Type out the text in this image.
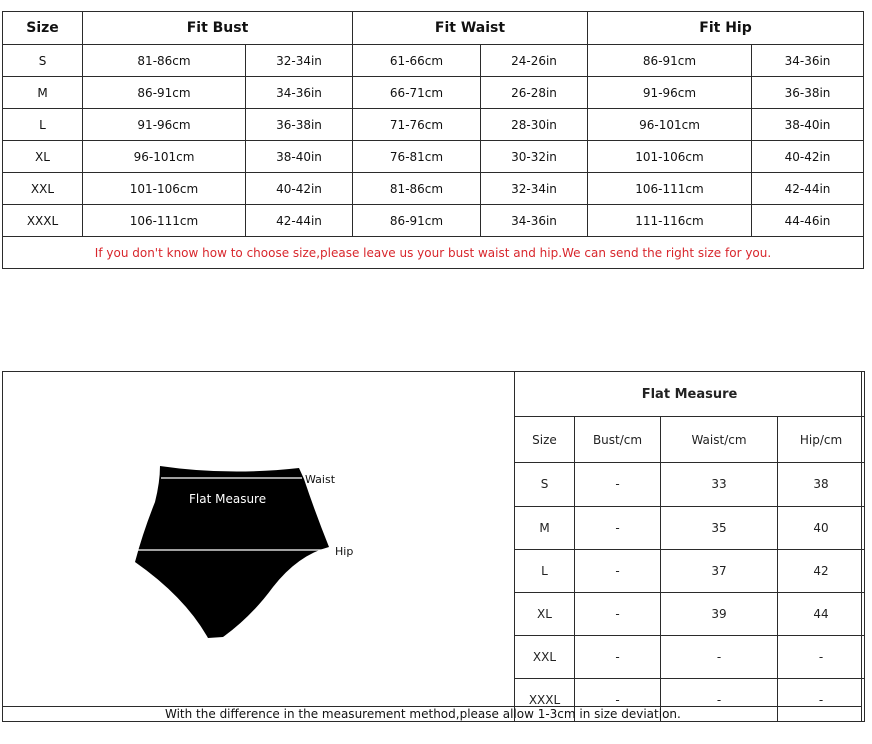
Size	Fit Bust		Fit Waist		Fit Hip	
S	81-86cm	32-34in	61-66cm	24-26in	86-91cm	34-36in
M	86-91cm	34-36in	66-71cm	26-28in	91-96cm	36-38in
L	91-96cm	36-38in	71-76cm	28-30in	96-101cm	38-40in
XL	96-101cm	38-40in	76-81cm	30-32in	101-106cm	40-42in
XXL	101-106cm	40-42in	81-86cm	32-34in	106-111cm	42-44in
XXXL	106-111cm	42-44in	86-91cm	34-36in	111-116cm	44-46in
If you don't know how to choose size,please leave us your bust waist and hip.We can send the right size for you.						
Flat Measure
Waist
Hip
Flat Measure			
Size	Bust/cm	Waist/cm	Hip/cm
S	-	33	38
M	-	35	40
L	-	37	42
XL	-	39	44
XXL	-	-	-
XXXL	-	-	-
With the difference in the measurement method,please allow 1-3cm in size deviation.
